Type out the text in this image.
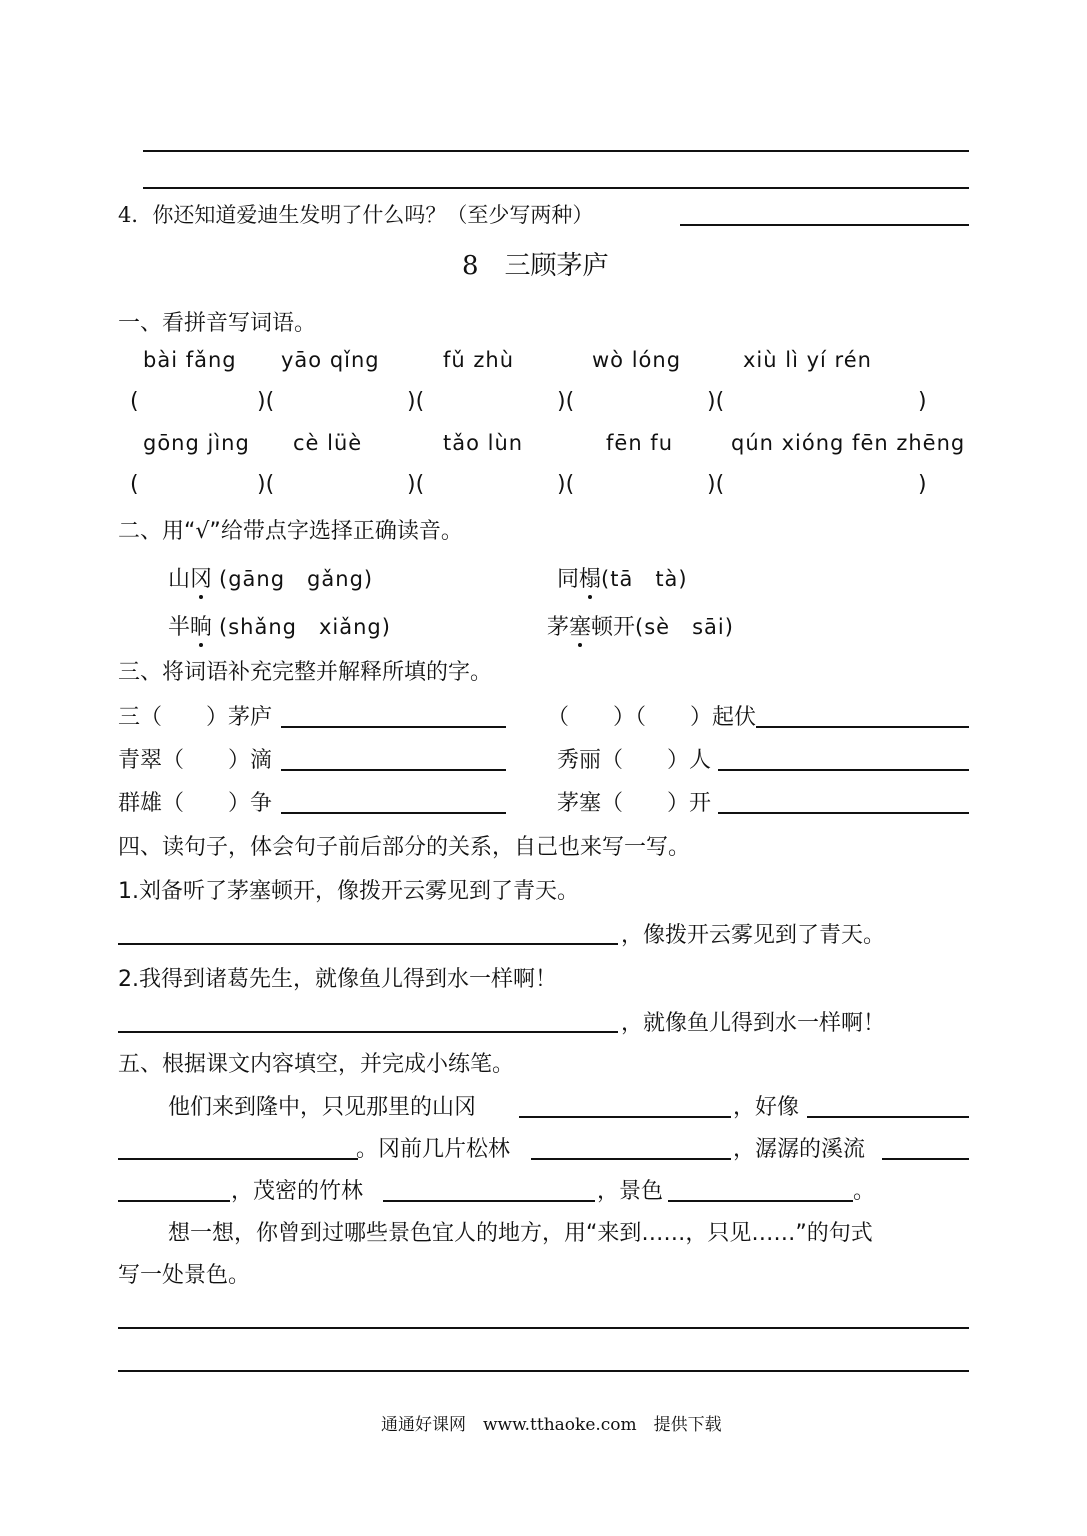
4．你还知道爱迪生发明了什么吗？（至少写两种）
8　三顾茅庐
一、看拼音写词语。
bài fǎng yāo qǐng	fǔ zhù	wò lóng	xiù lì yí rén
(	)(	)(	)(	)(	)
gōng jìng cè lüè	tǎo lùn	fēn fu	qún xióng fēn zhēng
(	)(	)(	)(	)(	)
二、用“√”给带点字选择正确读音。
山冈 (gāng　gǎng)	同榻(tā　tà)
半晌 (shǎng　xiǎng)	茅塞顿开(sè　sāi)
三、将词语补充完整并解释所填的字。
三（　　）茅庐	（　　）（　　）起伏
青翠（　　）滴	秀丽（　　）人
群雄（　　）争	茅塞（　　）开
四、读句子，体会句子前后部分的关系，自己也来写一写。
1.刘备听了茅塞顿开，像拨开云雾见到了青天。
，像拨开云雾见到了青天。
2.我得到诸葛先生，就像鱼儿得到水一样啊！
，就像鱼儿得到水一样啊！
五、根据课文内容填空，并完成小练笔。
他们来到隆中，只见那里的山冈	，好像
。冈前几片松林	，潺潺的溪流
，茂密的竹林	，景色	。
想一想，你曾到过哪些景色宜人的地方，用“来到……，只见……”的句式
写一处景色。
通通好课网　www.tthaoke.com　提供下载
